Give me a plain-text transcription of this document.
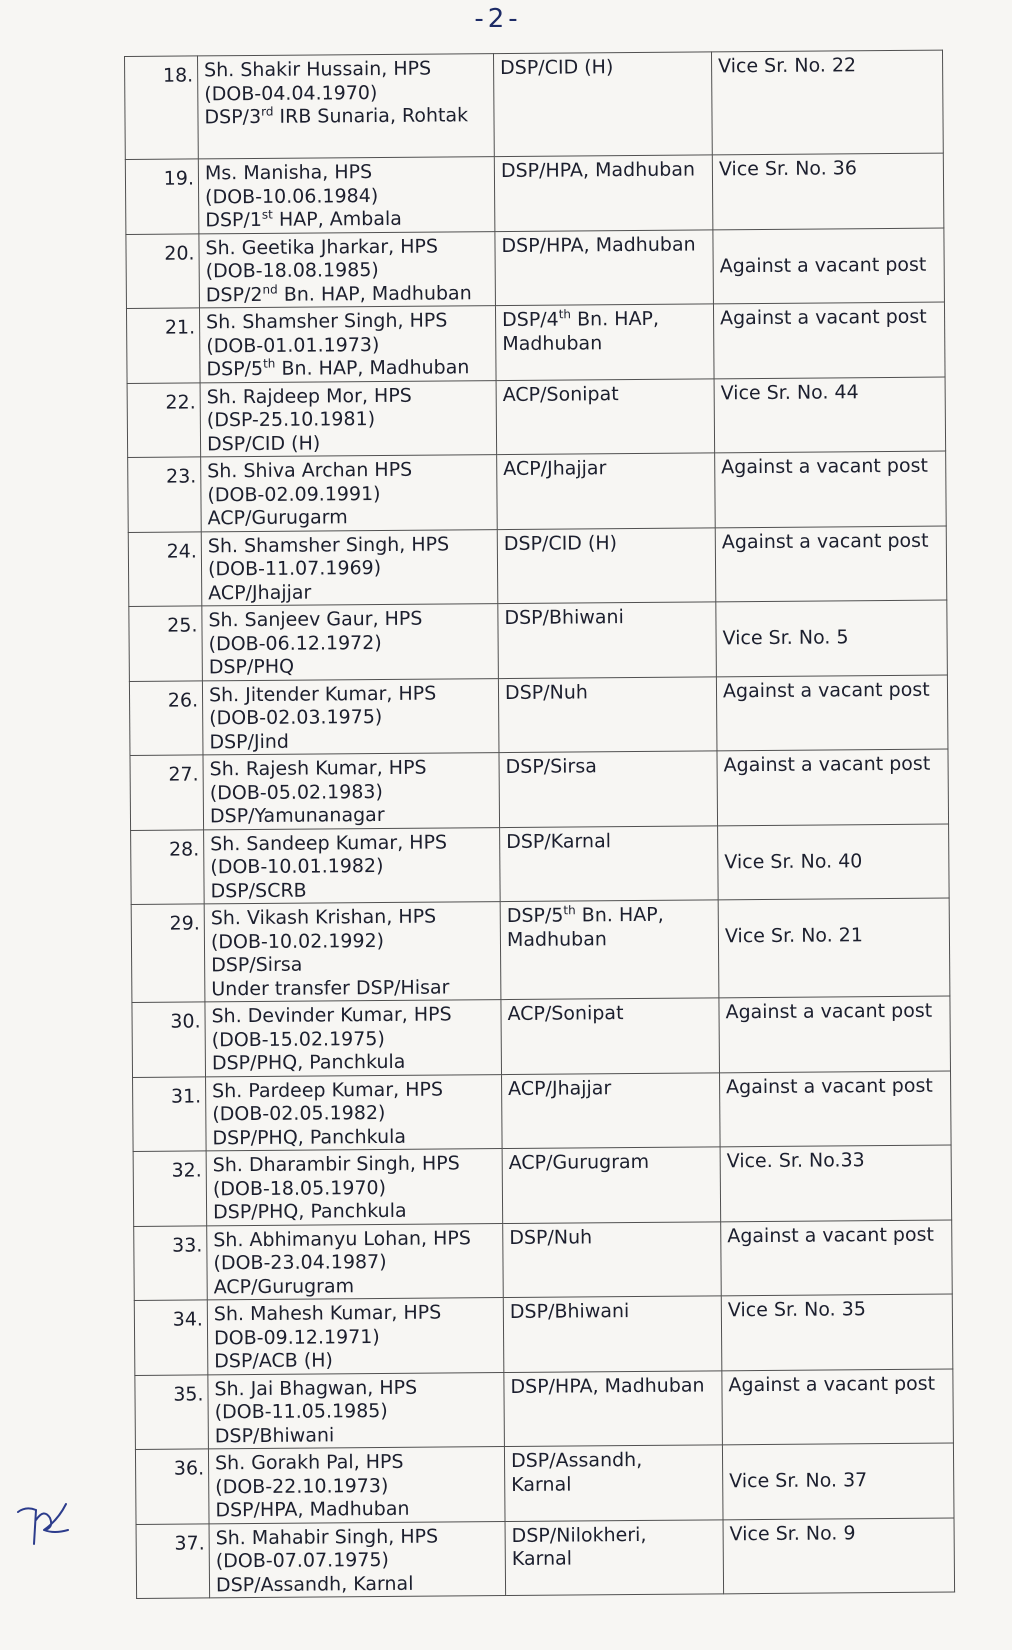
-2-
18.	Sh. Shakir Hussain, HPS
(DOB-04.04.1970)
DSP/3rd IRB Sunaria, Rohtak	DSP/CID (H)	Vice Sr. No. 22

19.	Ms. Manisha, HPS
(DOB-10.06.1984)
DSP/1st HAP, Ambala	DSP/HPA, Madhuban	Vice Sr. No. 36

20.	Sh. Geetika Jharkar, HPS
(DOB-18.08.1985)
DSP/2nd Bn. HAP, Madhuban	DSP/HPA, Madhuban	Against a vacant post

21.	Sh. Shamsher Singh, HPS
(DOB-01.01.1973)
DSP/5th Bn. HAP, Madhuban	DSP/4th Bn. HAP,
Madhuban	Against a vacant post

22.	Sh. Rajdeep Mor, HPS
(DSP-25.10.1981)
DSP/CID (H)	ACP/Sonipat	Vice Sr. No. 44

23.	Sh. Shiva Archan HPS
(DOB-02.09.1991)
ACP/Gurugarm	ACP/Jhajjar	Against a vacant post

24.	Sh. Shamsher Singh, HPS
(DOB-11.07.1969)
ACP/Jhajjar	DSP/CID (H)	Against a vacant post

25.	Sh. Sanjeev Gaur, HPS
(DOB-06.12.1972)
DSP/PHQ	DSP/Bhiwani	Vice Sr. No. 5

26.	Sh. Jitender Kumar, HPS
(DOB-02.03.1975)
DSP/Jind	DSP/Nuh	Against a vacant post

27.	Sh. Rajesh Kumar, HPS
(DOB-05.02.1983)
DSP/Yamunanagar	DSP/Sirsa	Against a vacant post

28.	Sh. Sandeep Kumar, HPS
(DOB-10.01.1982)
DSP/SCRB	DSP/Karnal	Vice Sr. No. 40

29.	Sh. Vikash Krishan, HPS
(DOB-10.02.1992)
DSP/Sirsa
Under transfer DSP/Hisar	DSP/5th Bn. HAP,
Madhuban	Vice Sr. No. 21

30.	Sh. Devinder Kumar, HPS
(DOB-15.02.1975)
DSP/PHQ, Panchkula	ACP/Sonipat	Against a vacant post

31.	Sh. Pardeep Kumar, HPS
(DOB-02.05.1982)
DSP/PHQ, Panchkula	ACP/Jhajjar	Against a vacant post

32.	Sh. Dharambir Singh, HPS
(DOB-18.05.1970)
DSP/PHQ, Panchkula	ACP/Gurugram	Vice. Sr. No.33

33.	Sh. Abhimanyu Lohan, HPS
(DOB-23.04.1987)
ACP/Gurugram	DSP/Nuh	Against a vacant post

34.	Sh. Mahesh Kumar, HPS
DOB-09.12.1971)
DSP/ACB (H)	DSP/Bhiwani	Vice Sr. No. 35

35.	Sh. Jai Bhagwan, HPS
(DOB-11.05.1985)
DSP/Bhiwani	DSP/HPA, Madhuban	Against a vacant post

36.	Sh. Gorakh Pal, HPS
(DOB-22.10.1973)
DSP/HPA, Madhuban	DSP/Assandh,
Karnal	Vice Sr. No. 37

37.	Sh. Mahabir Singh, HPS
(DOB-07.07.1975)
DSP/Assandh, Karnal	DSP/Nilokheri,
Karnal	Vice Sr. No. 9
